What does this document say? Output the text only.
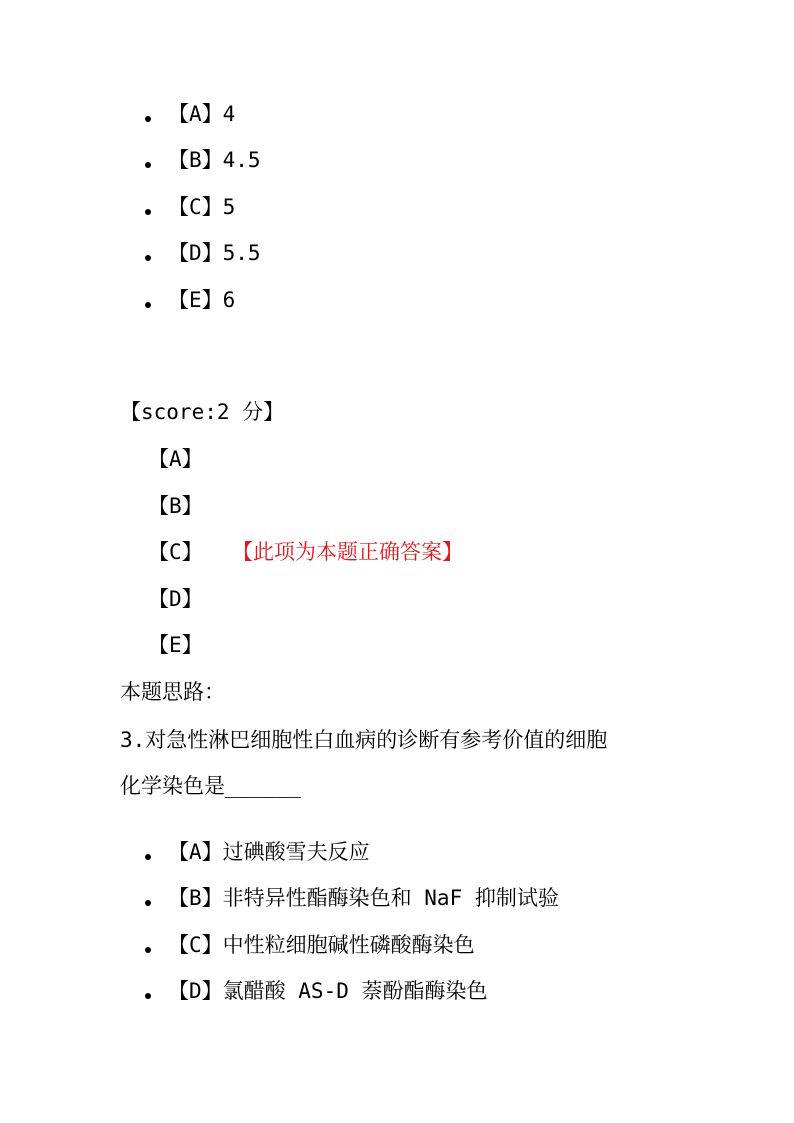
【A】4
【B】4.5
【C】5
【D】5.5
【E】6
【score:2 分】
【A】
【B】
【C】 【此项为本题正确答案】
【D】
【E】
本题思路：
3.对急性淋巴细胞性白血病的诊断有参考价值的细胞
化学染色是______
【A】过碘酸雪夫反应
【B】非特异性酯酶染色和 NaF 抑制试验
【C】中性粒细胞碱性磷酸酶染色
【D】氯醋酸 AS-D 萘酚酯酶染色
